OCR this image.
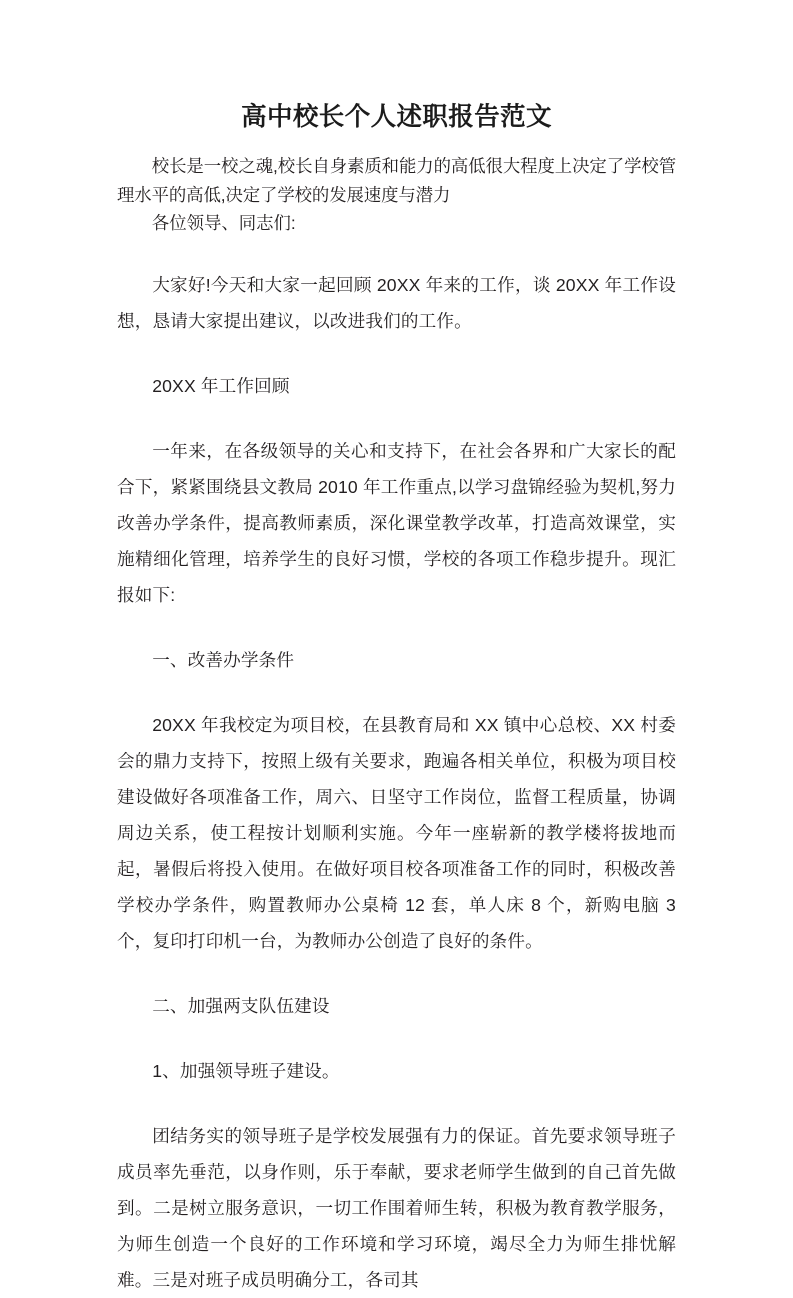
高中校长个人述职报告范文

校长是一校之魂,校长自身素质和能力的高低很大程度上决定了学校管理水平的高低,决定了学校的发展速度与潜力

各位领导、同志们:

大家好!今天和大家一起回顾 20XX 年来的工作，谈 20XX 年工作设想，恳请大家提出建议，以改进我们的工作。

20XX 年工作回顾

一年来，在各级领导的关心和支持下，在社会各界和广大家长的配合下，紧紧围绕县文教局 2010 年工作重点,以学习盘锦经验为契机,努力改善办学条件，提高教师素质，深化课堂教学改革，打造高效课堂，实施精细化管理，培养学生的良好习惯，学校的各项工作稳步提升。现汇报如下:

一、改善办学条件

20XX 年我校定为项目校，在县教育局和 XX 镇中心总校、XX 村委会的鼎力支持下，按照上级有关要求，跑遍各相关单位，积极为项目校建设做好各项准备工作，周六、日坚守工作岗位，监督工程质量，协调周边关系，使工程按计划顺利实施。今年一座崭新的教学楼将拔地而起，暑假后将投入使用。在做好项目校各项准备工作的同时，积极改善学校办学条件，购置教师办公桌椅 12 套，单人床 8 个，新购电脑 3 个，复印打印机一台，为教师办公创造了良好的条件。

二、加强两支队伍建设

1、加强领导班子建设。

团结务实的领导班子是学校发展强有力的保证。首先要求领导班子成员率先垂范，以身作则，乐于奉献，要求老师学生做到的自己首先做到。二是树立服务意识，一切工作围着师生转，积极为教育教学服务，为师生创造一个良好的工作环境和学习环境，竭尽全力为师生排忧解难。三是对班子成员明确分工，各司其
